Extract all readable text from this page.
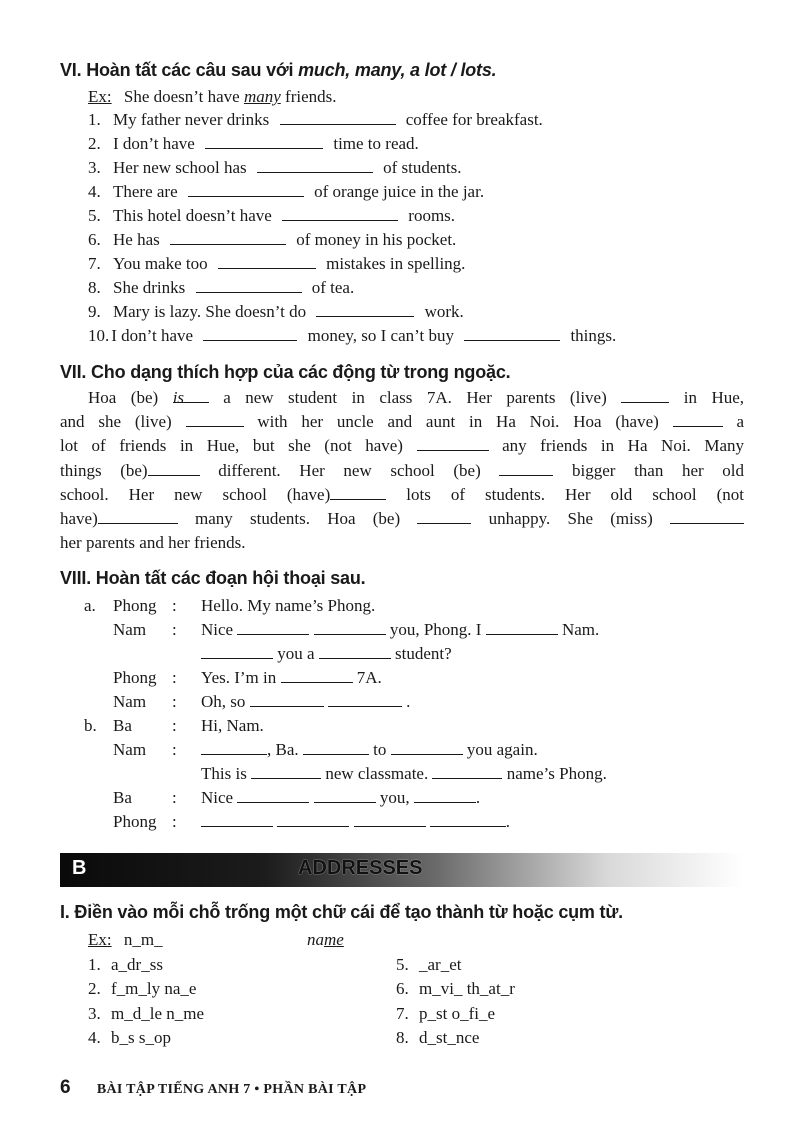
VI. Hoàn tất các câu sau với much, many, a lot / lots.
Ex: She doesn’t have many friends.
1. My father never drinks	coffee for breakfast.
2. I don’t have	time to read.
3. Her new school has	of students.
4. There are	of orange juice in the jar.
5. This hotel doesn’t have	rooms.
6. He has	of money in his pocket.
7. You make too	mistakes in spelling.
8. She drinks	of tea.
9. Mary is lazy. She doesn’t do	work.
10. I don’t have	money, so I can’t buy	things.
VII. Cho dạng thích hợp của các động từ trong ngoặc.
Hoa (be) is a new student in class 7A. Her parents (live)	in Hue,
and she (live)	with her uncle and aunt in Ha Noi. Hoa (have)	a
lot of friends in Hue, but she (not have)	any friends in Ha Noi. Many
things (be)	different. Her new school (be)	bigger than her old
school. Her new school (have)	lots of students. Her old school (not
have)	many students. Hoa (be)	unhappy. She (miss)
her parents and her friends.
VIII. Hoàn tất các đoạn hội thoại sau.
a. Phong : Hello. My name’s Phong.
Nam : Nice	you, Phong. I	Nam.
you a	student?
Phong : Yes. I’m in	7A.
Nam : Oh, so	.
b. Ba : Hi, Nam.
Nam :	, Ba.	to	you again.
This is	new classmate.	name’s Phong.
Ba : Nice	you,	.
Phong :	.
B	ADDRESSES
I. Điền vào mỗi chỗ trống một chữ cái để tạo thành từ hoặc cụm từ.
Ex: n_m_	name
1. a_dr_ss
2. f_m_ly na_e
3. m_d_le n_me
4. b_s s_op
5. _ar_et
6. m_vi_ th_at_r
7. p_st o_fi_e
8. d_st_nce
6 BÀI TẬP TIẾNG ANH 7 • PHẦN BÀI TẬP
